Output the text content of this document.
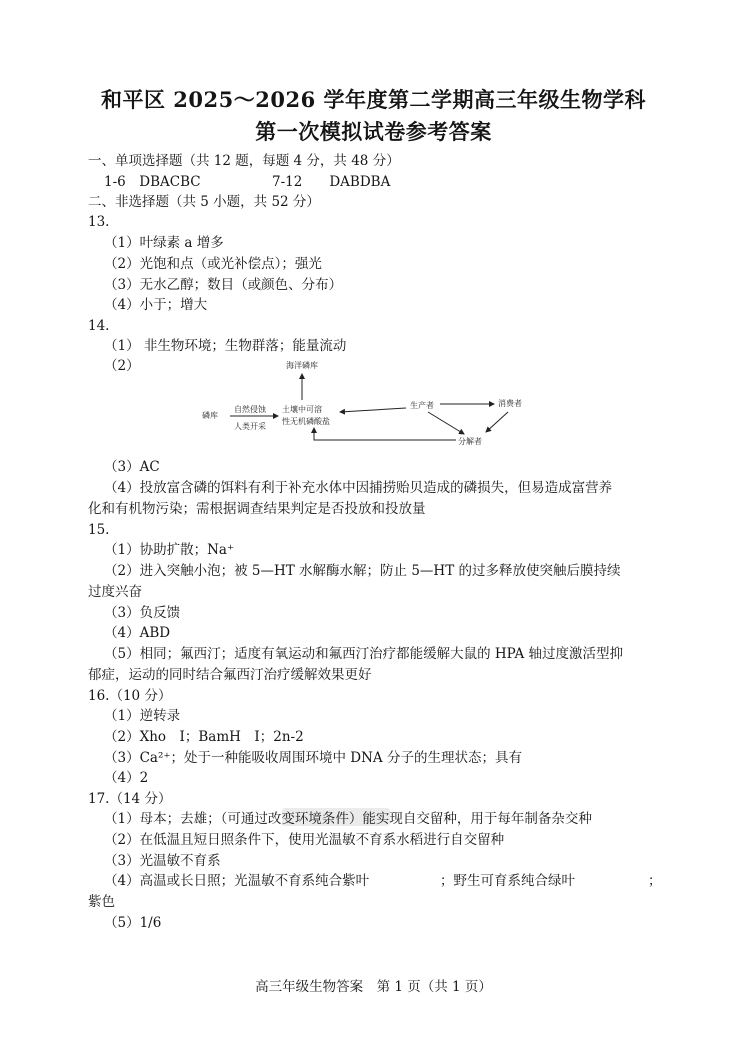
和平区 2025～2026 学年度第二学期高三年级生物学科
第一次模拟试卷参考答案
一、单项选择题（共 12 题，每题 4 分，共 48 分）
1-6　DBACBC	7-12　　DABDBA
二、非选择题（共 5 小题，共 52 分）
13.
（1）叶绿素 a 增多
（2）光饱和点（或光补偿点）；强光
（3）无水乙醇；数目（或颜色、分布）
（4）小于；增大
14.
（1） 非生物环境；生物群落；能量流动
（2）	海洋磷库
磷库
自然侵蚀
人类开采
土壤中可溶
性无机磷酸盐
生产者	消费者
分解者
（3）AC
（4）投放富含磷的饵料有利于补充水体中因捕捞贻贝造成的磷损失，但易造成富营养
化和有机物污染；需根据调查结果判定是否投放和投放量
15.
（1）协助扩散；Na⁺
（2）进入突触小泡；被 5—HT 水解酶水解；防止 5—HT 的过多释放使突触后膜持续
过度兴奋
（3）负反馈
（4）ABD
（5）相同；氟西汀；适度有氧运动和氟西汀治疗都能缓解大鼠的 HPA 轴过度激活型抑
郁症，运动的同时结合氟西汀治疗缓解效果更好
16.（10 分）
（1）逆转录
（2）Xho　Ⅰ；BamH　Ⅰ；2n-2
（3）Ca²⁺；处于一种能吸收周围环境中 DNA 分子的生理状态；具有
（4）2
17.（14 分）
（1）母本；去雄；（可通过改变环境条件）能实现自交留种，用于每年制备杂交种
（2）在低温且短日照条件下，使用光温敏不育系水稻进行自交留种
（3）光温敏不育系
（4）高温或长日照；光温敏不育系纯合紫叶	；野生可育系纯合绿叶	；
紫色
（5）1/6
高三年级生物答案　第 1 页（共 1 页）
